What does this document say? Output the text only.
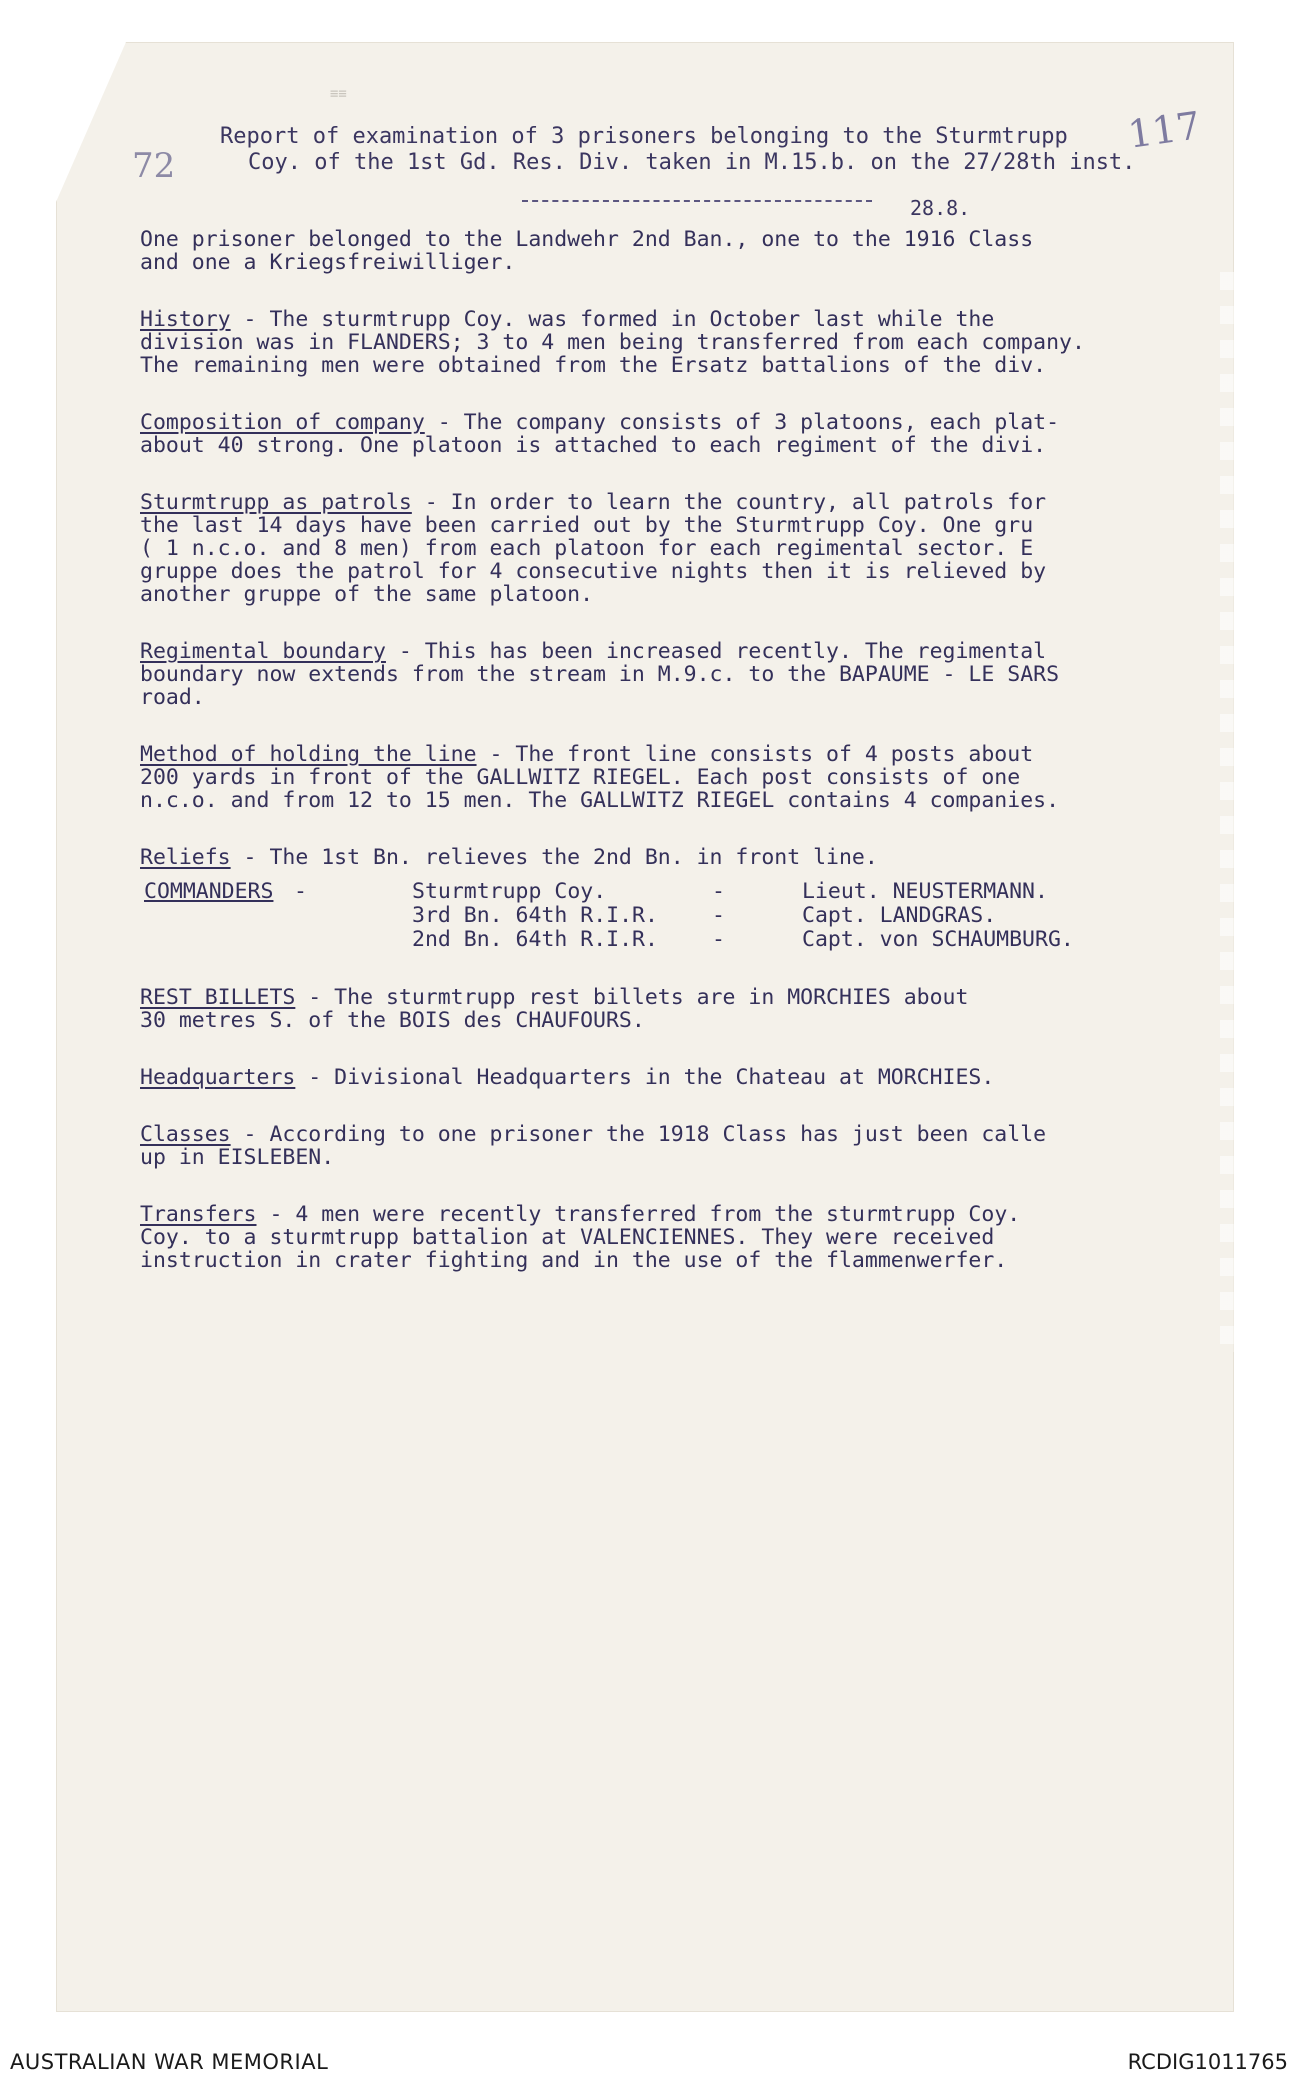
≡≡
72
117
Report of examination of 3 prisoners belonging to the Sturmtrupp
Coy. of the 1st Gd. Res. Div. taken in M.15.b. on the 27/28th inst.
28.8.
One prisoner belonged to the Landwehr 2nd Ban., one to the 1916 Class
and one a Kriegsfreiwilliger.
History - The sturmtrupp Coy. was formed in October last while the
division was in FLANDERS; 3 to 4 men being transferred from each company.
The remaining men were obtained from the Ersatz battalions of the div.
Composition of company - The company consists of 3 platoons, each plat-
about 40 strong. One platoon is attached to each regiment of the divi.
Sturmtrupp as patrols - In order to learn the country, all patrols for
the last 14 days have been carried out by the Sturmtrupp Coy. One gru
( 1 n.c.o. and 8 men) from each platoon for each regimental sector. E
gruppe does the patrol for 4 consecutive nights then it is relieved by
another gruppe of the same platoon.
Regimental boundary - This has been increased recently. The regimental
boundary now extends from the stream in M.9.c. to the BAPAUME - LE SARS
road.
Method of holding the line - The front line consists of 4 posts about
200 yards in front of the GALLWITZ RIEGEL. Each post consists of one
n.c.o. and from 12 to 15 men. The GALLWITZ RIEGEL contains 4 companies.
Reliefs - The 1st Bn. relieves the 2nd Bn. in front line.
COMMANDERS -	Sturmtrupp Coy.	-	Lieut. NEUSTERMANN.
3rd Bn. 64th R.I.R.	-	Capt. LANDGRAS.
2nd Bn. 64th R.I.R.	-	Capt. von SCHAUMBURG.
REST BILLETS - The sturmtrupp rest billets are in MORCHIES about
30 metres S. of the BOIS des CHAUFOURS.
Headquarters - Divisional Headquarters in the Chateau at MORCHIES.
Classes - According to one prisoner the 1918 Class has just been calle
up in EISLEBEN.
Transfers - 4 men were recently transferred from the sturmtrupp Coy.
Coy. to a sturmtrupp battalion at VALENCIENNES. They were received
instruction in crater fighting and in the use of the flammenwerfer.
AUSTRALIAN WAR MEMORIAL	RCDIG1011765
